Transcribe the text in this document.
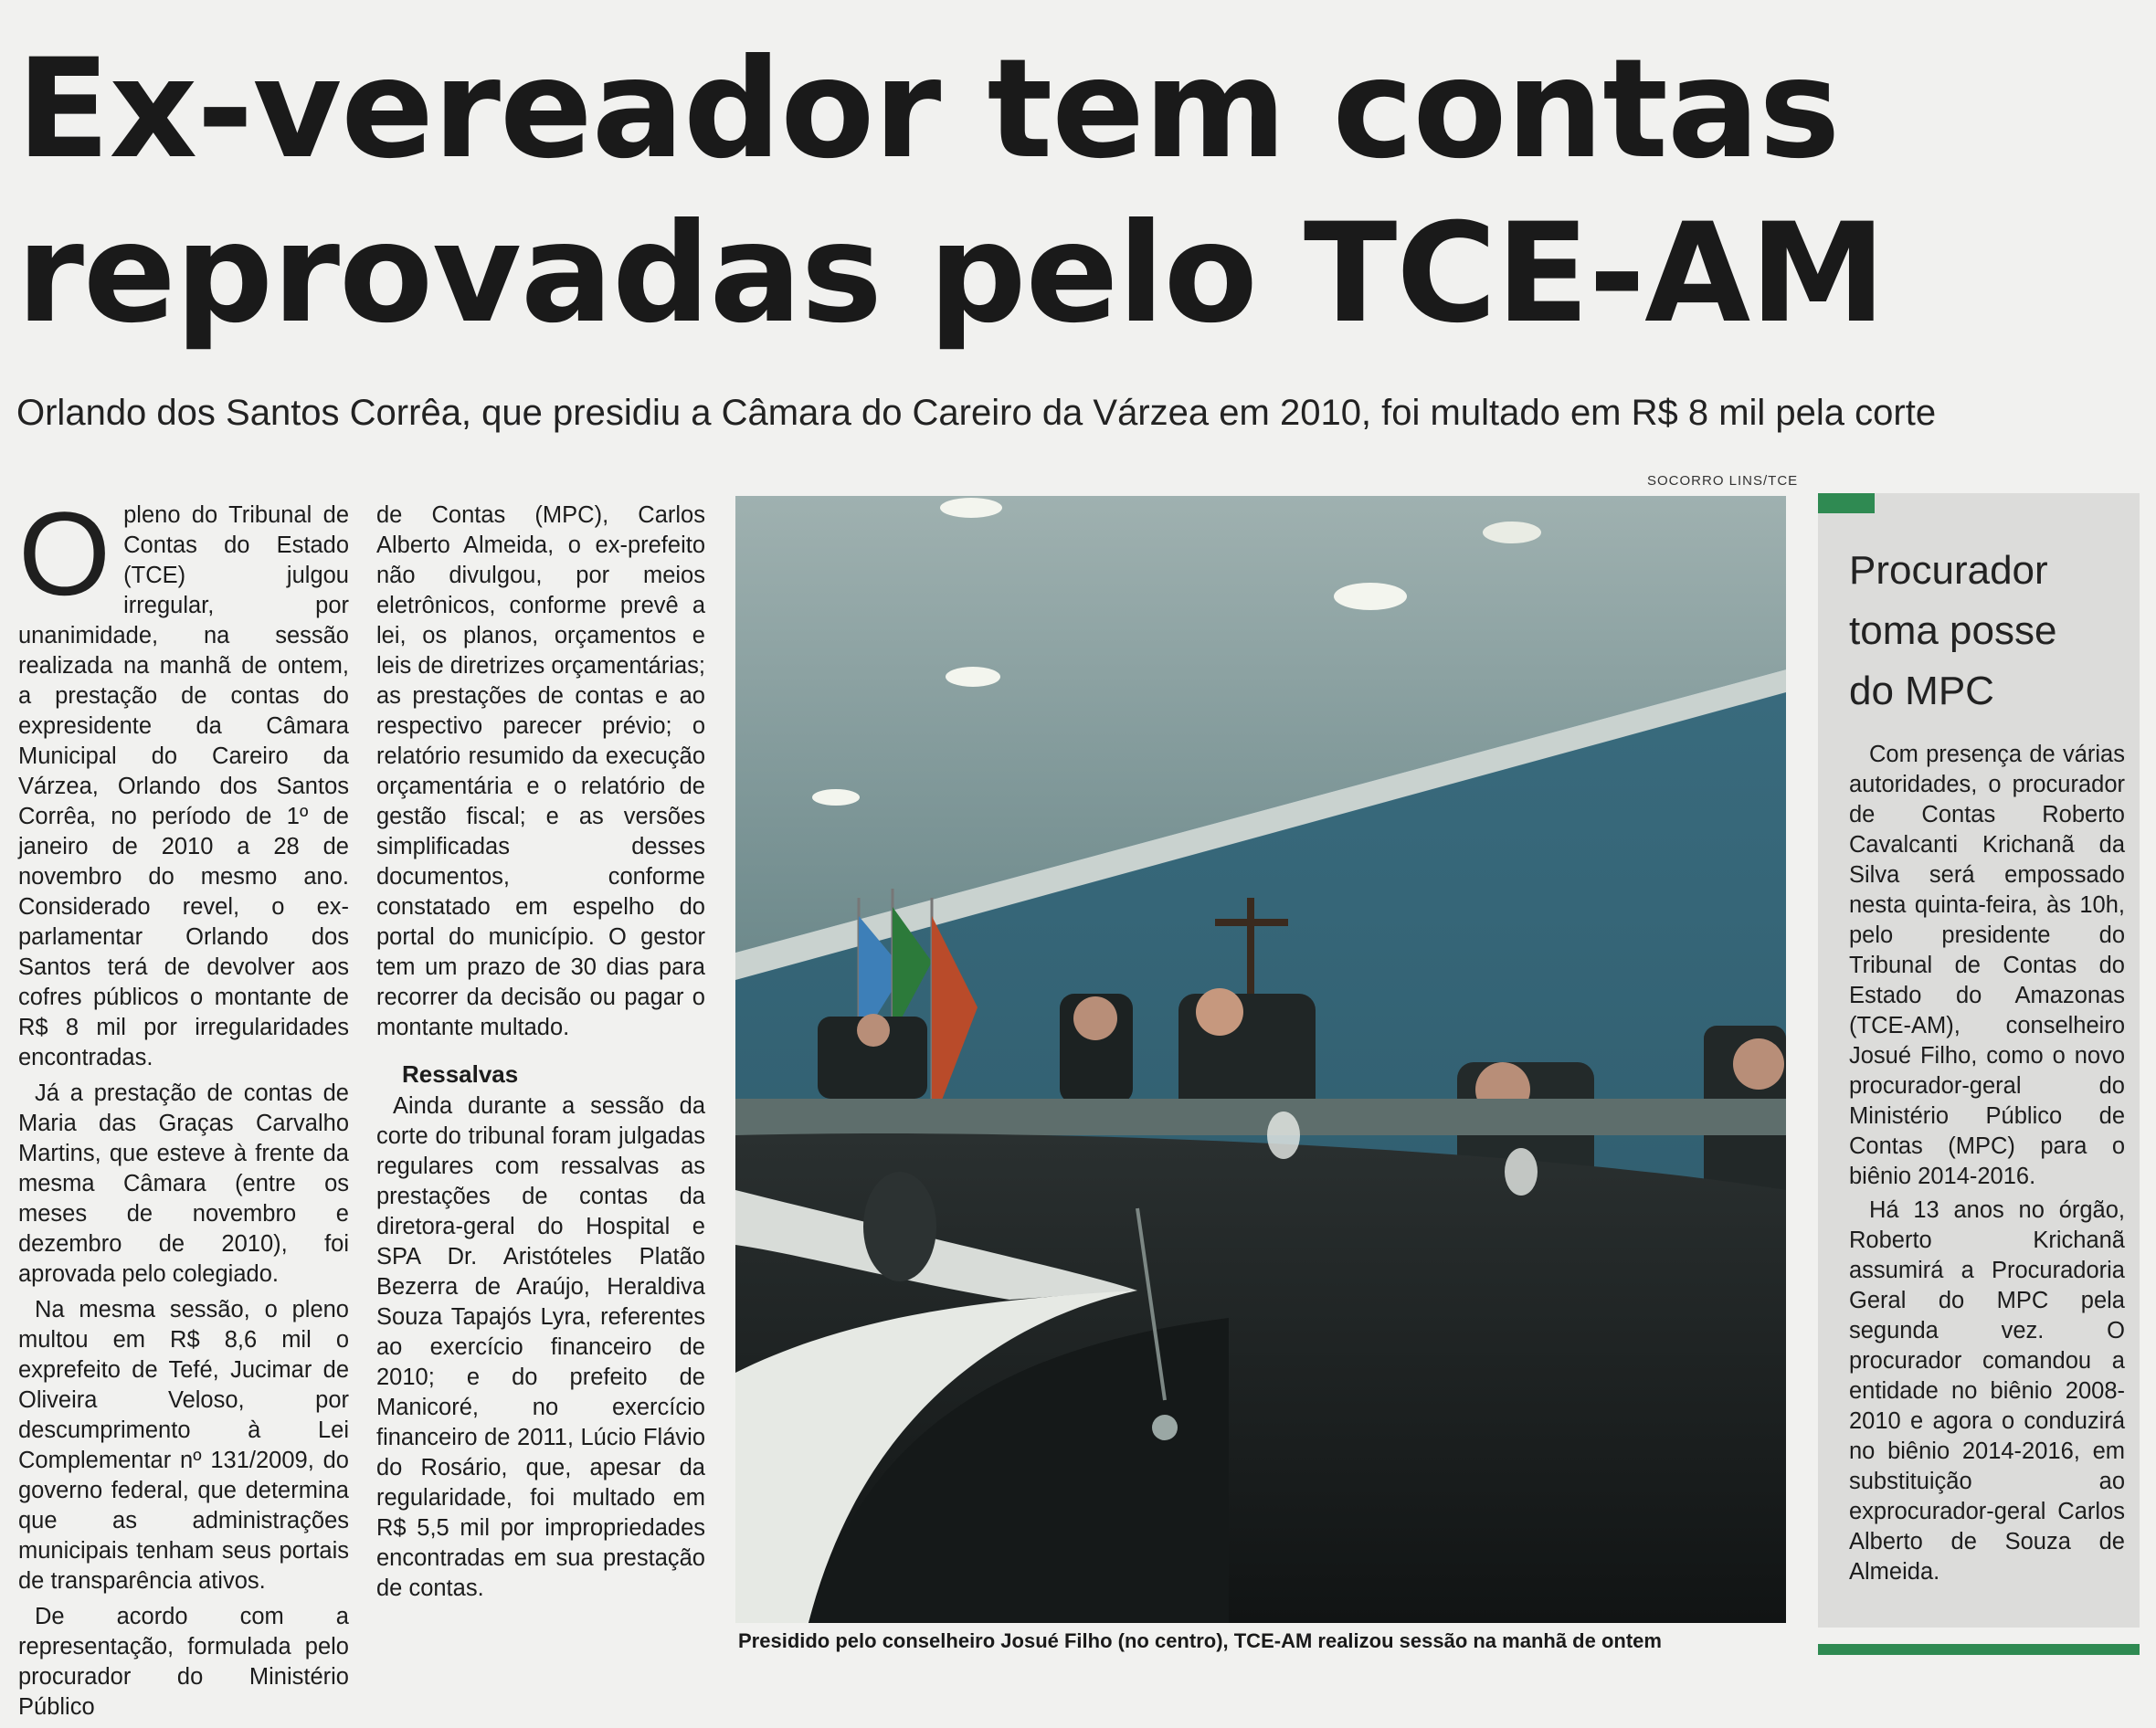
Ex-vereador tem contas
reprovadas pelo TCE-AM
Orlando dos Santos Corrêa, que presidiu a Câmara do Careiro da Várzea em 2010, foi multado em R$ 8 mil pela corte
O pleno do Tribunal de Contas do Estado (TCE) julgou irregular, por unanimidade, na sessão realizada na manhã de ontem, a prestação de contas do expresidente da Câmara Municipal do Careiro da Várzea, Orlando dos Santos Corrêa, no período de 1º de janeiro de 2010 a 28 de novembro do mesmo ano. Considerado revel, o ex-parlamentar Orlando dos Santos terá de devolver aos cofres públicos o montante de R$ 8 mil por irregularidades encontradas.

Já a prestação de contas de Maria das Graças Carvalho Martins, que esteve à frente da mesma Câmara (entre os meses de novembro e dezembro de 2010), foi aprovada pelo colegiado.

Na mesma sessão, o pleno multou em R$ 8,6 mil o exprefeito de Tefé, Jucimar de Oliveira Veloso, por descumprimento à Lei Complementar nº 131/2009, do governo federal, que determina que as administrações municipais tenham seus portais de transparência ativos.

De acordo com a representação, formulada pelo procurador do Ministério Público

de Contas (MPC), Carlos Alberto Almeida, o ex-prefeito não divulgou, por meios eletrônicos, conforme prevê a lei, os planos, orçamentos e leis de diretrizes orçamentárias; as prestações de contas e ao respectivo parecer prévio; o relatório resumido da execução orçamentária e o relatório de gestão fiscal; e as versões simplificadas desses documentos, conforme constatado em espelho do portal do município. O gestor tem um prazo de 30 dias para recorrer da decisão ou pagar o montante multado.

Ressalvas

Ainda durante a sessão da corte do tribunal foram julgadas regulares com ressalvas as prestações de contas da diretora-geral do Hospital e SPA Dr. Aristóteles Platão Bezerra de Araújo, Heraldiva Souza Tapajós Lyra, referentes ao exercício financeiro de 2010; e do prefeito de Manicoré, no exercício financeiro de 2011, Lúcio Flávio do Rosário, que, apesar da regularidade, foi multado em R$ 5,5 mil por impropriedades encontradas em sua prestação de contas.

SOCORRO LINS/TCE
Presidido pelo conselheiro Josué Filho (no centro), TCE-AM realizou sessão na manhã de ontem
Procurador
toma posse
do MPC

Com presença de várias autoridades, o procurador de Contas Roberto Cavalcanti Krichanã da Silva será empossado nesta quinta-feira, às 10h, pelo presidente do Tribunal de Contas do Estado do Amazonas (TCE-AM), conselheiro Josué Filho, como o novo procurador-geral do Ministério Público de Contas (MPC) para o biênio 2014-2016.

Há 13 anos no órgão, Roberto Krichanã assumirá a Procuradoria Geral do MPC pela segunda vez. O procurador comandou a entidade no biênio 2008-2010 e agora o conduzirá no biênio 2014-2016, em substituição ao exprocurador-geral Carlos Alberto de Souza de Almeida.
